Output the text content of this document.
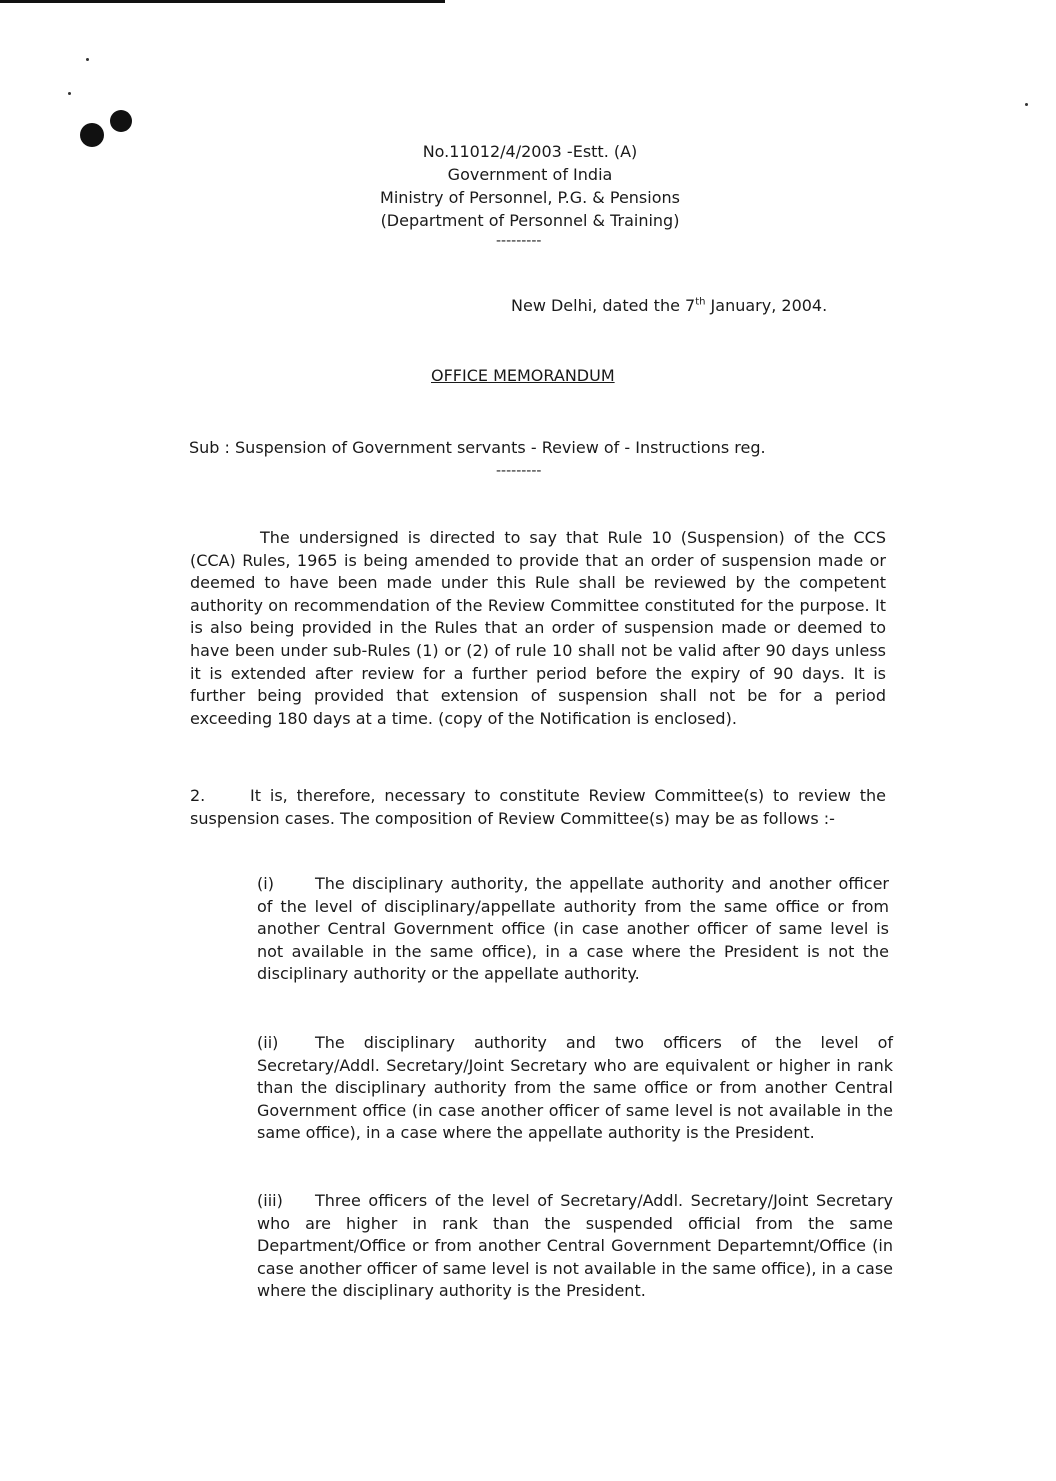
No.11012/4/2003 -Estt. (A)
Government of India
Ministry of Personnel, P.G. & Pensions
(Department of Personnel & Training)
---------
New Delhi, dated the 7th January, 2004.
OFFICE MEMORANDUM
Sub : Suspension of Government servants - Review of - Instructions reg.
---------
The undersigned is directed to say that Rule 10 (Suspension) of the CCS (CCA) Rules, 1965 is being amended to provide that an order of suspension made or deemed to have been made under this Rule shall be reviewed by the competent authority on recommendation of the Review Committee constituted for the purpose. It is also being provided in the Rules that an order of suspension made or deemed to have been under sub-Rules (1) or (2) of rule 10 shall not be valid after 90 days unless it is extended after review for a further period before the expiry of 90 days. It is further being provided that extension of suspension shall not be for a period exceeding 180 days at a time. (copy of the Notification is enclosed).
2.	It is, therefore, necessary to constitute Review Committee(s) to review the suspension cases. The composition of Review Committee(s) may be as follows :-
(i)	The disciplinary authority, the appellate authority and another officer of the level of disciplinary/appellate authority from the same office or from another Central Government office (in case another officer of same level is not available in the same office), in a case where the President is not the disciplinary authority or the appellate authority.
(ii) The disciplinary authority and two officers of the level of Secretary/Addl. Secretary/Joint Secretary who are equivalent or higher in rank than the disciplinary authority from the same office or from another Central Government office (in case another officer of same level is not available in the same office), in a case where the appellate authority is the President.
(iii) Three officers of the level of Secretary/Addl. Secretary/Joint Secretary who are higher in rank than the suspended official from the same Department/Office or from another Central Government Departemnt/Office (in case another officer of same level is not available in the same office), in a case where the disciplinary authority is the President.
